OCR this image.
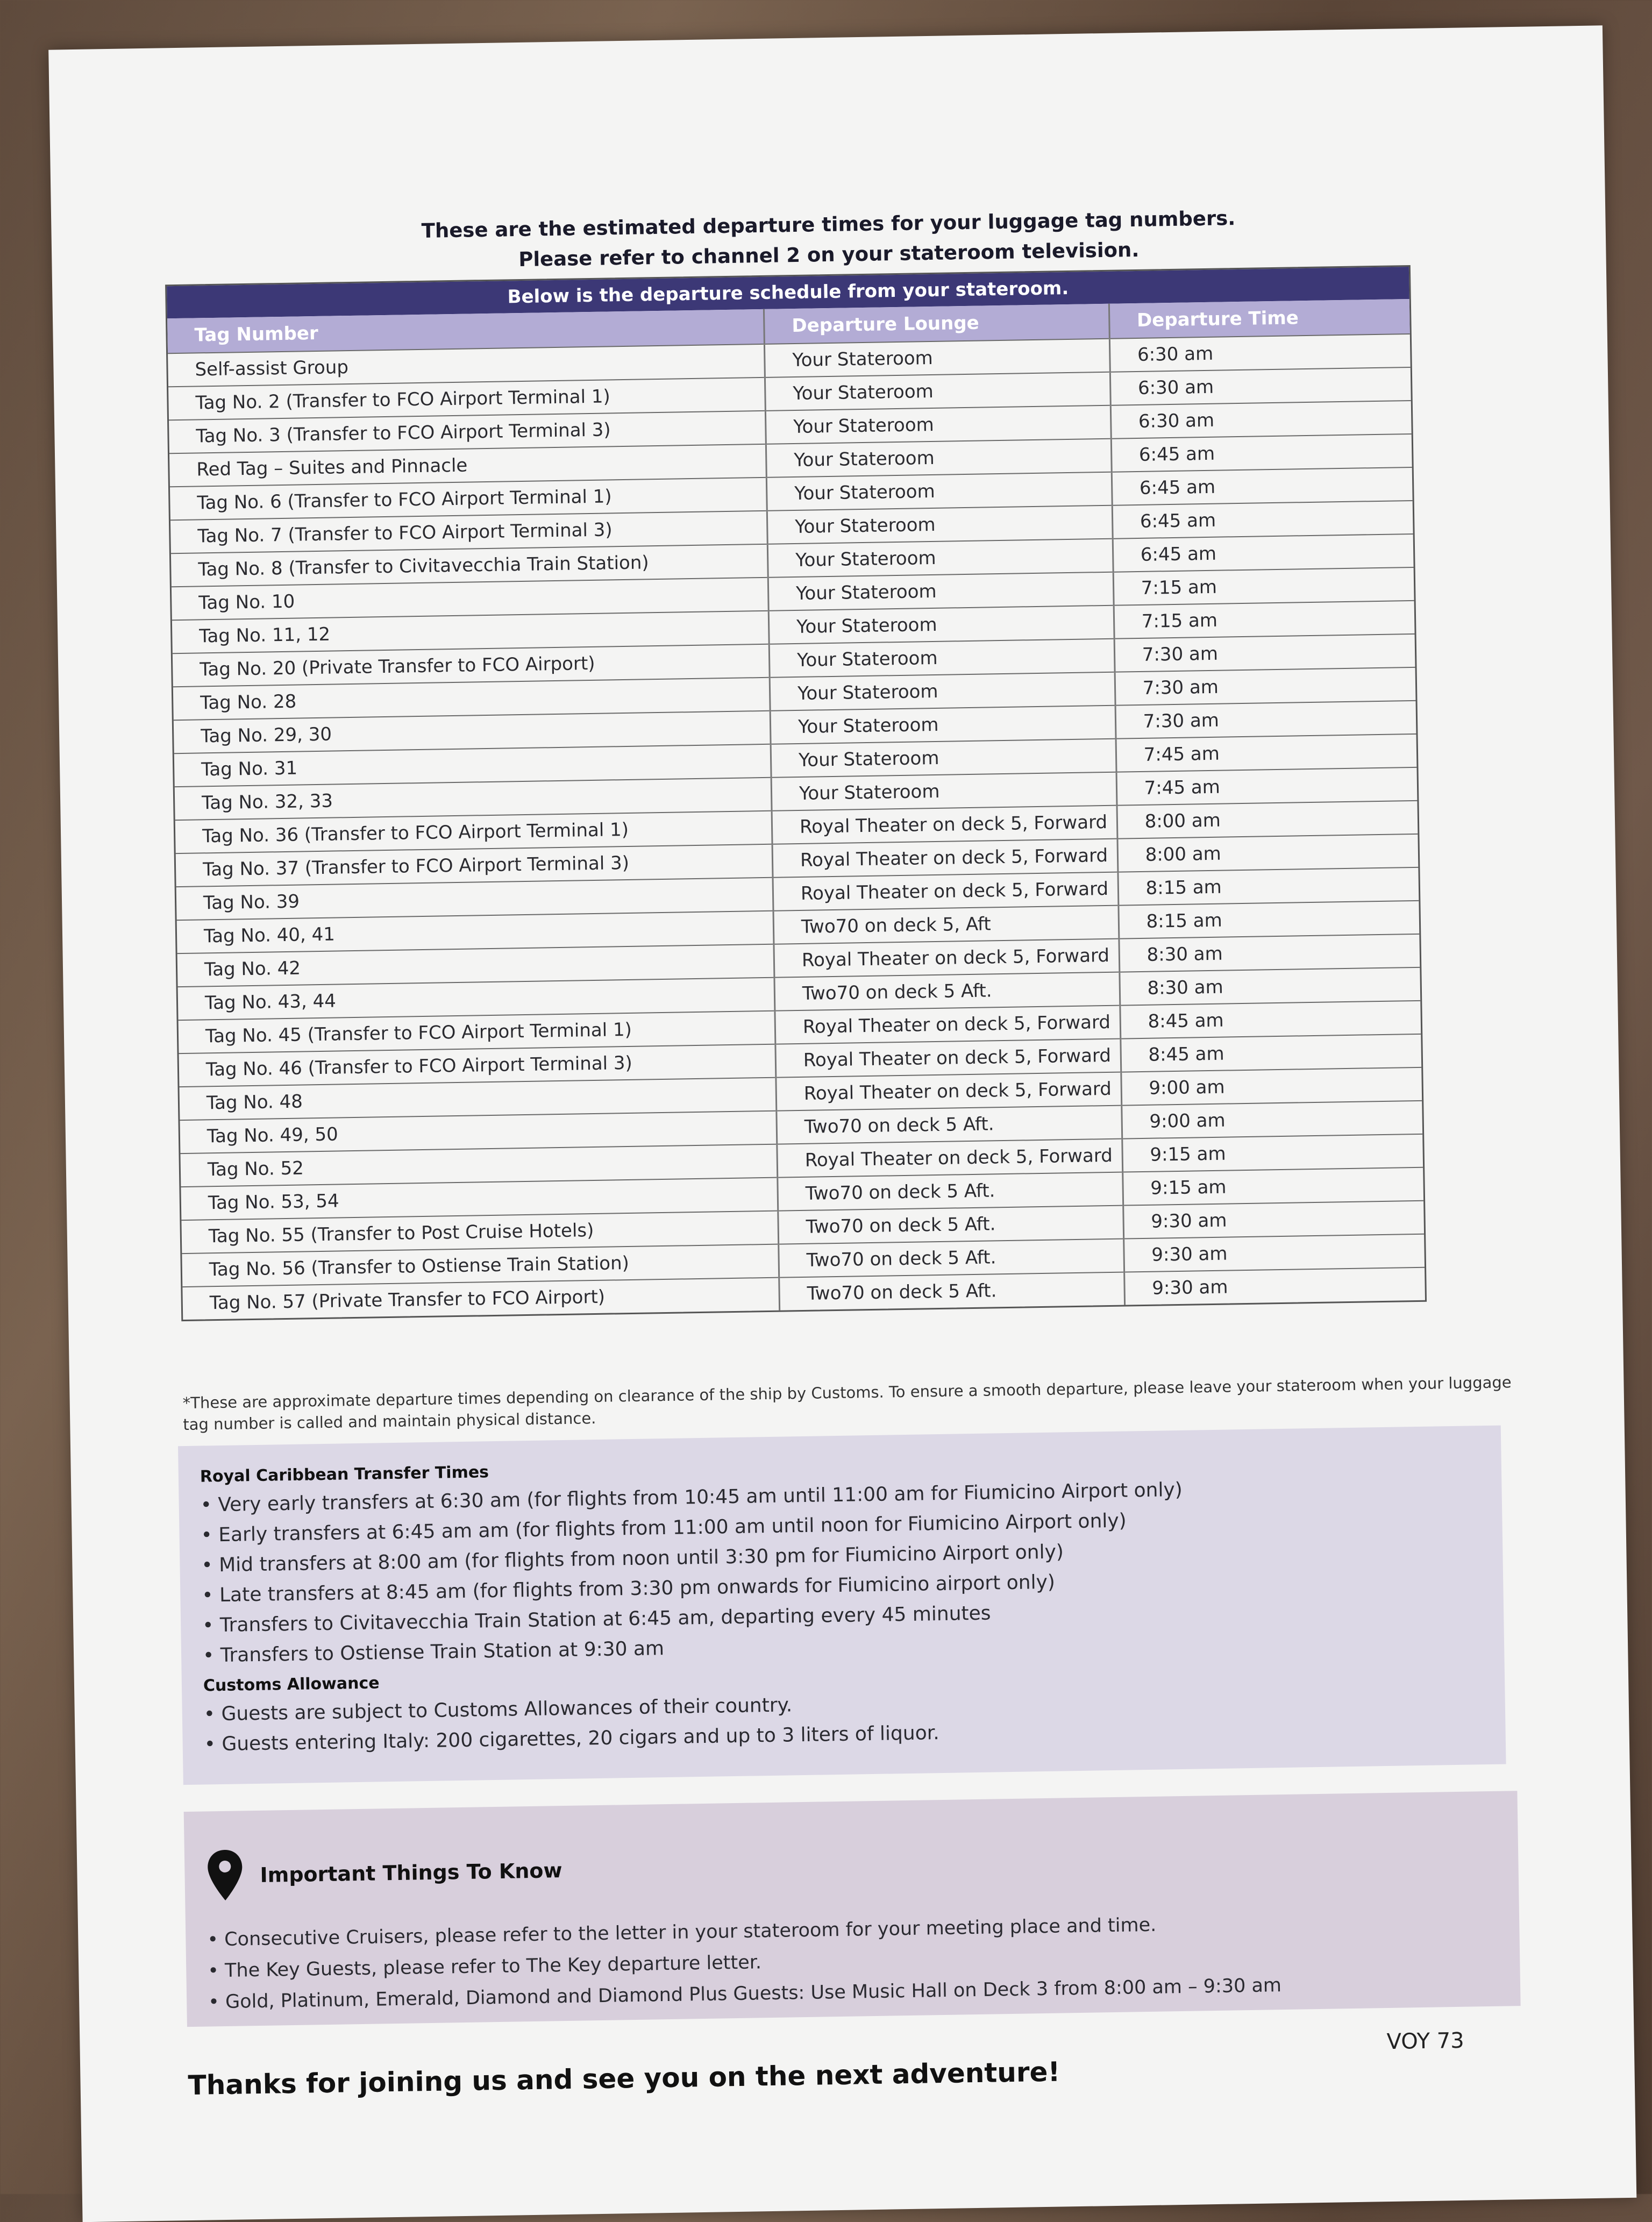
These are the estimated departure times for your luggage tag numbers.
Please refer to channel 2 on your stateroom television.
Below is the departure schedule from your stateroom.
Tag Number	Departure Lounge	Departure Time
Self-assist Group	Your Stateroom	6:30 am
Tag No. 2 (Transfer to FCO Airport Terminal 1)	Your Stateroom	6:30 am
Tag No. 3 (Transfer to FCO Airport Terminal 3)	Your Stateroom	6:30 am
Red Tag – Suites and Pinnacle	Your Stateroom	6:45 am
Tag No. 6 (Transfer to FCO Airport Terminal 1)	Your Stateroom	6:45 am
Tag No. 7 (Transfer to FCO Airport Terminal 3)	Your Stateroom	6:45 am
Tag No. 8 (Transfer to Civitavecchia Train Station)	Your Stateroom	6:45 am
Tag No. 10	Your Stateroom	7:15 am
Tag No. 11, 12	Your Stateroom	7:15 am
Tag No. 20 (Private Transfer to FCO Airport)	Your Stateroom	7:30 am
Tag No. 28	Your Stateroom	7:30 am
Tag No. 29, 30	Your Stateroom	7:30 am
Tag No. 31	Your Stateroom	7:45 am
Tag No. 32, 33	Your Stateroom	7:45 am
Tag No. 36 (Transfer to FCO Airport Terminal 1)	Royal Theater on deck 5, Forward	8:00 am
Tag No. 37 (Transfer to FCO Airport Terminal 3)	Royal Theater on deck 5, Forward	8:00 am
Tag No. 39	Royal Theater on deck 5, Forward	8:15 am
Tag No. 40, 41	Two70 on deck 5, Aft	8:15 am
Tag No. 42	Royal Theater on deck 5, Forward	8:30 am
Tag No. 43, 44	Two70 on deck 5 Aft.	8:30 am
Tag No. 45 (Transfer to FCO Airport Terminal 1)	Royal Theater on deck 5, Forward	8:45 am
Tag No. 46 (Transfer to FCO Airport Terminal 3)	Royal Theater on deck 5, Forward	8:45 am
Tag No. 48	Royal Theater on deck 5, Forward	9:00 am
Tag No. 49, 50	Two70 on deck 5 Aft.	9:00 am
Tag No. 52	Royal Theater on deck 5, Forward	9:15 am
Tag No. 53, 54	Two70 on deck 5 Aft.	9:15 am
Tag No. 55 (Transfer to Post Cruise Hotels)	Two70 on deck 5 Aft.	9:30 am
Tag No. 56 (Transfer to Ostiense Train Station)	Two70 on deck 5 Aft.	9:30 am
Tag No. 57 (Private Transfer to FCO Airport)	Two70 on deck 5 Aft.	9:30 am
*These are approximate departure times depending on clearance of the ship by Customs. To ensure a smooth departure, please leave your stateroom when your luggage tag number is called and maintain physical distance.
Royal Caribbean Transfer Times
• Very early transfers at 6:30 am (for flights from 10:45 am until 11:00 am for Fiumicino Airport only)
• Early transfers at 6:45 am am (for flights from 11:00 am until noon for Fiumicino Airport only)
• Mid transfers at 8:00 am (for flights from noon until 3:30 pm for Fiumicino Airport only)
• Late transfers at 8:45 am (for flights from 3:30 pm onwards for Fiumicino airport only)
• Transfers to Civitavecchia Train Station at 6:45 am, departing every 45 minutes
• Transfers to Ostiense Train Station at 9:30 am
Customs Allowance
• Guests are subject to Customs Allowances of their country.
• Guests entering Italy: 200 cigarettes, 20 cigars and up to 3 liters of liquor.
Important Things To Know
• Consecutive Cruisers, please refer to the letter in your stateroom for your meeting place and time.
• The Key Guests, please refer to The Key departure letter.
• Gold, Platinum, Emerald, Diamond and Diamond Plus Guests: Use Music Hall on Deck 3 from 8:00 am – 9:30 am
Thanks for joining us and see you on the next adventure!
VOY 73
